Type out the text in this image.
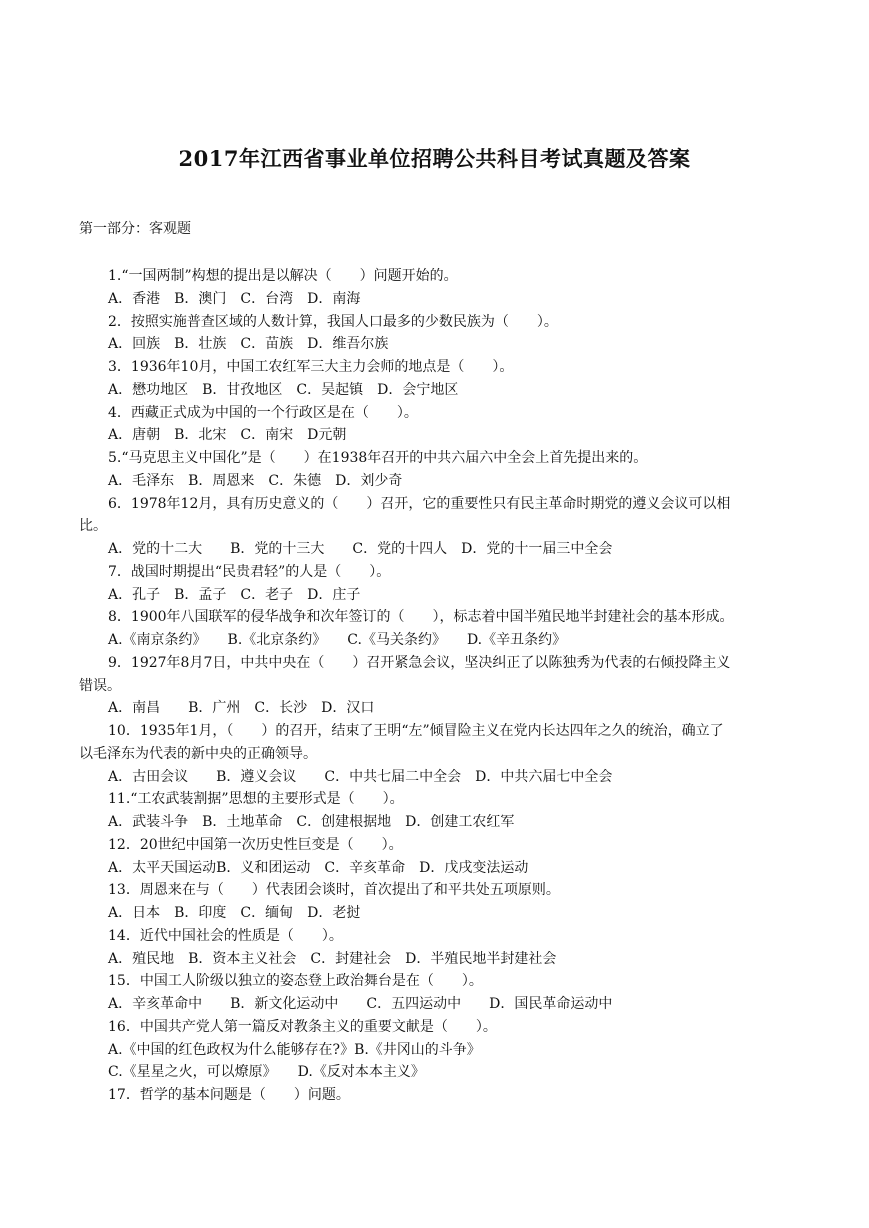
2017年江西省事业单位招聘公共科目考试真题及答案
第一部分：客观题
1.“一国两制”构想的提出是以解决（　　）问题开始的。
A．香港　B．澳门　C．台湾　D．南海
2．按照实施普查区域的人数计算，我国人口最多的少数民族为（　　）。
A．回族　B．壮族　C．苗族　D．维吾尔族
3．1936年10月，中国工农红军三大主力会师的地点是（　　）。
A．懋功地区　B．甘孜地区　C．吴起镇　D．会宁地区
4．西藏正式成为中国的一个行政区是在（　　）。
A．唐朝　B．北宋　C．南宋　D元朝
5.“马克思主义中国化”是（　　）在1938年召开的中共六届六中全会上首先提出来的。
A．毛泽东　B．周恩来　C．朱德　D．刘少奇
6．1978年12月，具有历史意义的（　　）召开，它的重要性只有民主革命时期党的遵义会议可以相
比。
A．党的十二大　　B．党的十三大　　C．党的十四人　D．党的十一届三中全会
7．战国时期提出“民贵君轻”的人是（　　）。
A．孔子　B．孟子　C．老子　D．庄子
8．1900年八国联军的侵华战争和次年签订的（　　），标志着中国半殖民地半封建社会的基本形成。
A.《南京条约》　　B.《北京条约》　　C.《马关条约》　　D.《辛丑条约》
9．1927年8月7日，中共中央在（　　）召开紧急会议，坚决纠正了以陈独秀为代表的右倾投降主义
错误。
A．南昌　　B．广州　C．长沙　D．汉口
10．1935年1月，（　　）的召开，结束了王明“左”倾冒险主义在党内长达四年之久的统治，确立了
以毛泽东为代表的新中央的正确领导。
A．古田会议　　B．遵义会议　　C．中共七届二中全会　D．中共六届七中全会
11.“工农武装割据”思想的主要形式是（　　）。
A．武装斗争　B．土地革命　C．创建根据地　D．创建工农红军
12．20世纪中国第一次历史性巨变是（　　）。
A．太平天国运动B．义和团运动　C．辛亥革命　D．戊戌变法运动
13．周恩来在与（　　）代表团会谈时，首次提出了和平共处五项原则。
A．日本　B．印度　C．缅甸　D．老挝
14．近代中国社会的性质是（　　）。
A．殖民地　B．资本主义社会　C．封建社会　D．半殖民地半封建社会
15．中国工人阶级以独立的姿态登上政治舞台是在（　　）。
A．辛亥革命中　　B．新文化运动中　　C．五四运动中　　D．国民革命运动中
16．中国共产党人第一篇反对教条主义的重要文献是（　　）。
A.《中国的红色政权为什么能够存在?》B.《井冈山的斗争》
C.《星星之火，可以燎原》　　D.《反对本本主义》
17．哲学的基本问题是（　　）问题。
